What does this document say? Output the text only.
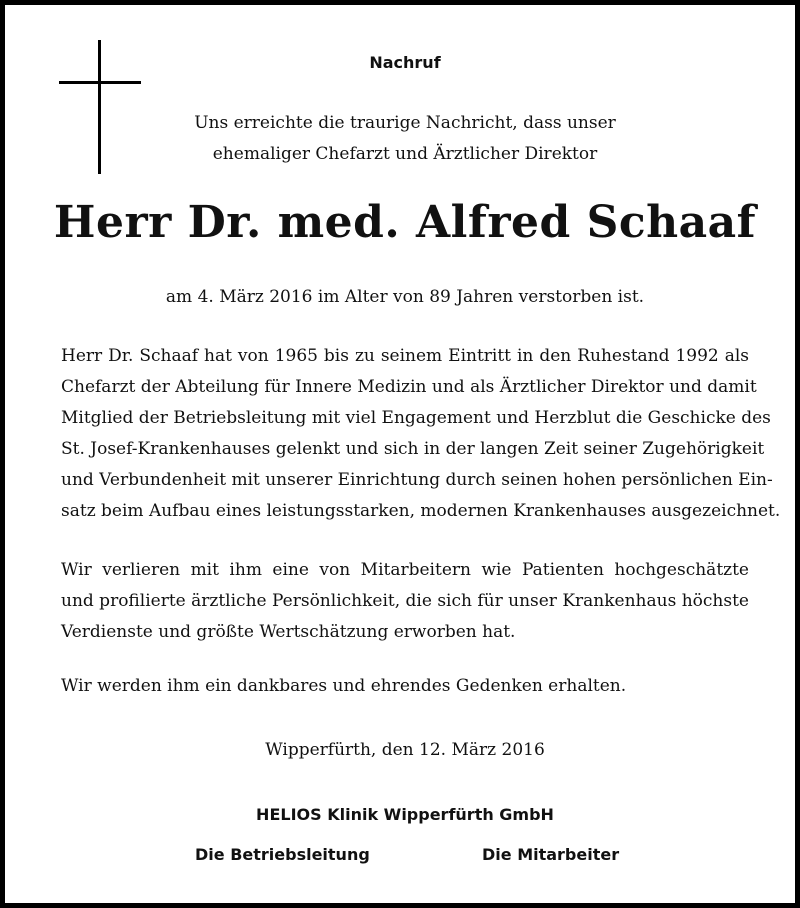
Nachruf
Uns erreichte die traurige Nachricht, dass unser
ehemaliger Chefarzt und Ärztlicher Direktor
Herr Dr. med. Alfred Schaaf
am 4. März 2016 im Alter von 89 Jahren verstorben ist.
Herr Dr. Schaaf hat von 1965 bis zu seinem Eintritt in den Ruhestand 1992 als
Chefarzt der Abteilung für Innere Medizin und als Ärztlicher Direktor und damit
Mitglied der Betriebsleitung mit viel Engagement und Herzblut die Geschicke des
St. Josef-Krankenhauses gelenkt und sich in der langen Zeit seiner Zugehörigkeit
und Verbundenheit mit unserer Einrichtung durch seinen hohen persönlichen Ein-
satz beim Aufbau eines leistungsstarken, modernen Krankenhauses ausgezeichnet.
Wir verlieren mit ihm eine von Mitarbeitern wie Patienten hochgeschätzte
und profilierte ärztliche Persönlichkeit, die sich für unser Krankenhaus höchste
Verdienste und größte Wertschätzung erworben hat.
Wir werden ihm ein dankbares und ehrendes Gedenken erhalten.
Wipperfürth, den 12. März 2016
HELIOS Klinik Wipperfürth GmbH
Die Betriebsleitung	Die Mitarbeiter
